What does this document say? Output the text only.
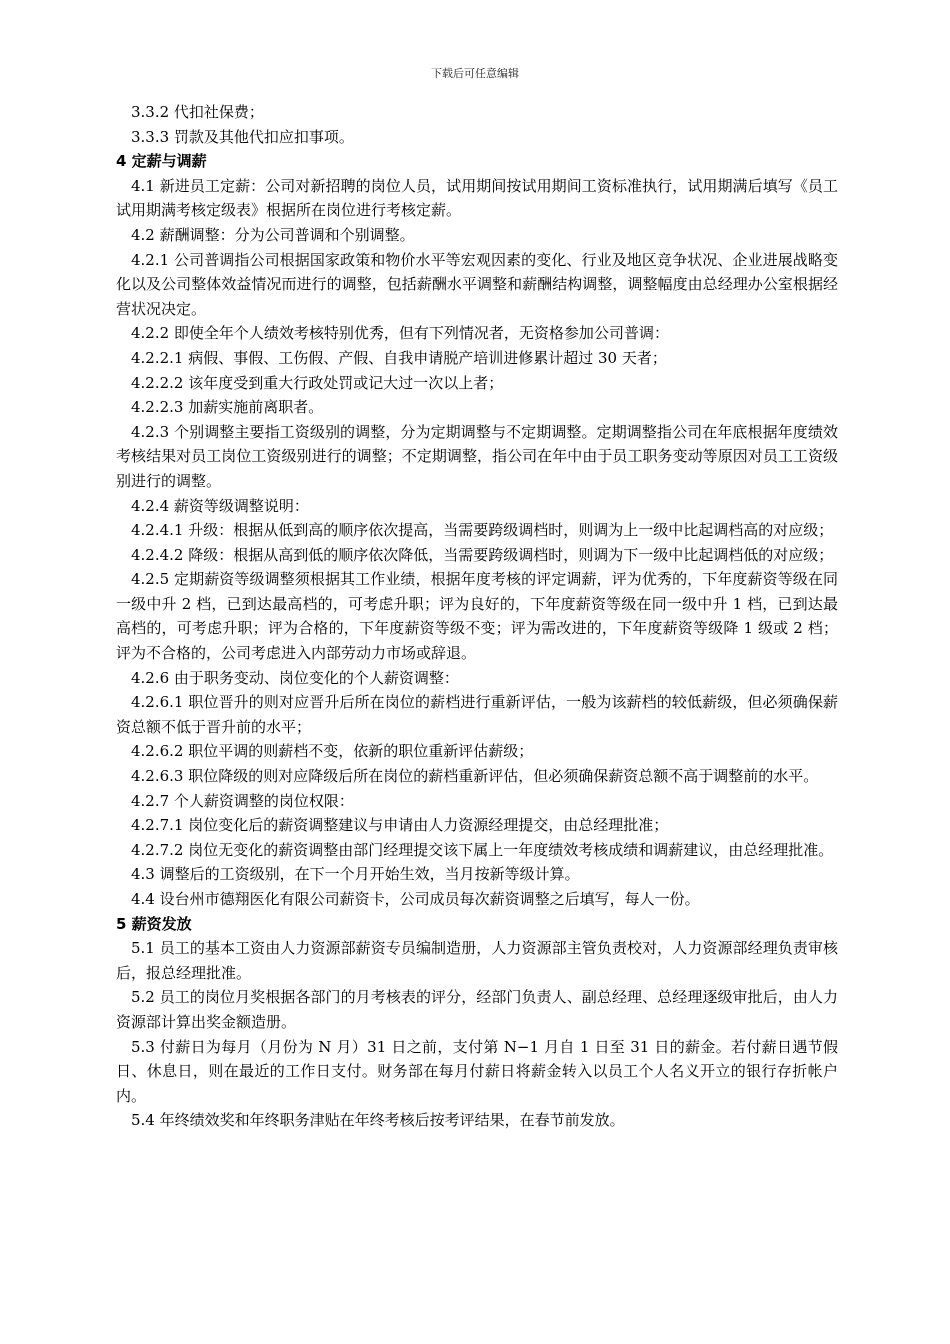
下载后可任意编辑

3.3.2 代扣社保费；

3.3.3 罚款及其他代扣应扣事项。

4 定薪与调薪

4.1 新进员工定薪：公司对新招聘的岗位人员，试用期间按试用期间工资标准执行，试用期满后填写《员工试用期满考核定级表》根据所在岗位进行考核定薪。

4.2 薪酬调整：分为公司普调和个别调整。

4.2.1 公司普调指公司根据国家政策和物价水平等宏观因素的变化、行业及地区竞争状况、企业进展战略变化以及公司整体效益情况而进行的调整，包括薪酬水平调整和薪酬结构调整，调整幅度由总经理办公室根据经营状况决定。

4.2.2 即使全年个人绩效考核特别优秀，但有下列情况者，无资格参加公司普调：

4.2.2.1 病假、事假、工伤假、产假、自我申请脱产培训进修累计超过 30 天者；

4.2.2.2 该年度受到重大行政处罚或记大过一次以上者；

4.2.2.3 加薪实施前离职者。

4.2.3 个别调整主要指工资级别的调整，分为定期调整与不定期调整。定期调整指公司在年底根据年度绩效考核结果对员工岗位工资级别进行的调整；不定期调整，指公司在年中由于员工职务变动等原因对员工工资级别进行的调整。

4.2.4 薪资等级调整说明：

4.2.4.1 升级：根据从低到高的顺序依次提高，当需要跨级调档时，则调为上一级中比起调档高的对应级；

4.2.4.2 降级：根据从高到低的顺序依次降低，当需要跨级调档时，则调为下一级中比起调档低的对应级；

4.2.5 定期薪资等级调整须根据其工作业绩，根据年度考核的评定调薪，评为优秀的，下年度薪资等级在同一级中升 2 档，已到达最高档的，可考虑升职；评为良好的，下年度薪资等级在同一级中升 1 档，已到达最高档的，可考虑升职；评为合格的，下年度薪资等级不变；评为需改进的，下年度薪资等级降 1 级或 2 档；评为不合格的，公司考虑进入内部劳动力市场或辞退。

4.2.6 由于职务变动、岗位变化的个人薪资调整：

4.2.6.1 职位晋升的则对应晋升后所在岗位的薪档进行重新评估，一般为该薪档的较低薪级，但必须确保薪资总额不低于晋升前的水平；

4.2.6.2 职位平调的则薪档不变，依新的职位重新评估薪级；

4.2.6.3 职位降级的则对应降级后所在岗位的薪档重新评估，但必须确保薪资总额不高于调整前的水平。

4.2.7 个人薪资调整的岗位权限：

4.2.7.1 岗位变化后的薪资调整建议与申请由人力资源经理提交，由总经理批准；

4.2.7.2 岗位无变化的薪资调整由部门经理提交该下属上一年度绩效考核成绩和调薪建议，由总经理批准。

4.3 调整后的工资级别，在下一个月开始生效，当月按新等级计算。

4.4 设台州市德翔医化有限公司薪资卡，公司成员每次薪资调整之后填写，每人一份。

5 薪资发放

5.1 员工的基本工资由人力资源部薪资专员编制造册，人力资源部主管负责校对，人力资源部经理负责审核后，报总经理批准。

5.2 员工的岗位月奖根据各部门的月考核表的评分，经部门负责人、副总经理、总经理逐级审批后，由人力资源部计算出奖金额造册。

5.3 付薪日为每月（月份为 N 月）31 日之前，支付第 N−1 月自 1 日至 31 日的薪金。若付薪日遇节假日、休息日，则在最近的工作日支付。财务部在每月付薪日将薪金转入以员工个人名义开立的银行存折帐户内。

5.4 年终绩效奖和年终职务津贴在年终考核后按考评结果，在春节前发放。
